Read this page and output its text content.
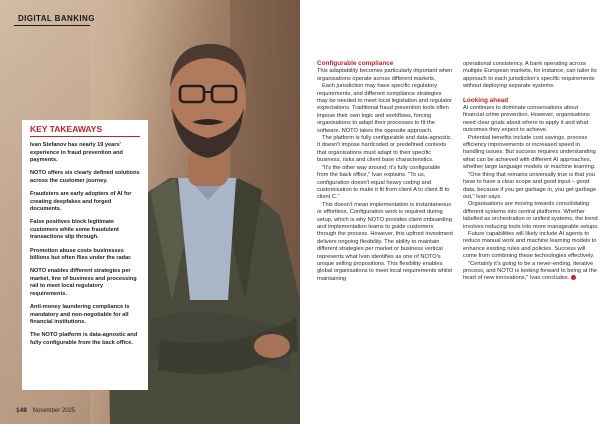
DIGITAL BANKING
KEY TAKEAWAYS

Ivan Stefanov has nearly 19 years' experience in fraud prevention and payments.

NOTO offers six clearly defined solutions across the customer journey.

Fraudsters are early adopters of AI for creating deepfakes and forged documents.

False positives block legitimate customers while some fraudulent transactions slip through.

Promotion abuse costs businesses billions but often flies under the radar.

NOTO enables different strategies per market, line of business and processing rail to meet local regulatory requirements.

Anti-money laundering compliance is mandatory and non-negotiable for all financial institutions.

The NOTO platform is data-agnostic and fully configurable from the back office.

148 November 2025
Configurable compliance

This adaptability becomes particularly important when organisations operate across different markets.

Each jurisdiction may have specific regulatory requirements, and different compliance strategies may be needed to meet local legislation and regulator expectations. Traditional fraud prevention tools often impose their own logic and workflows, forcing organisations to adapt their processes to fit the software. NOTO takes the opposite approach.

The platform is fully configurable and data-agnostic. It doesn't impose hardcoded or predefined contexts that organisations must adapt to their specific business, risks and client base characteristics.

"It's the other way around; it's fully configurable from the back office," Ivan explains. "To us, configuration doesn't equal heavy coding and customisation to make it fit from client A to client B to client C."

This doesn't mean implementation is instantaneous or effortless. Configuration work is required during setup, which is why NOTO provides client onboarding and implementation teams to guide customers through the process. However, this upfront investment delivers ongoing flexibility. The ability to maintain different strategies per market or business vertical represents what Ivan identifies as one of NOTO's unique selling propositions. This flexibility enables global organisations to meet local requirements whilst maintaining

operational consistency. A bank operating across multiple European markets, for instance, can tailor its approach to each jurisdiction's specific requirements without deploying separate systems.

Looking ahead

AI continues to dominate conversations about financial crime prevention. However, organisations need clear goals about where to apply it and what outcomes they expect to achieve.

Potential benefits include cost savings, process efficiency improvements or increased speed in handling issues. But success requires understanding what can be achieved with different AI approaches, whether large language models or machine learning.

"One thing that remains universally true is that you have to have a clear scope and good input – good data, because if you get garbage in, you get garbage out," Ivan says.

Organisations are moving towards consolidating different systems into central platforms. Whether labelled as orchestration or unified systems, the trend involves reducing tools into more manageable setups.

Future capabilities will likely include AI agents to reduce manual work and machine learning models to enhance existing rules and policies. Success will come from combining these technologies effectively.

"Certainly it's going to be a never-ending, iterative process, and NOTO is looking forward to being at the heart of new innovations," Ivan concludes.
